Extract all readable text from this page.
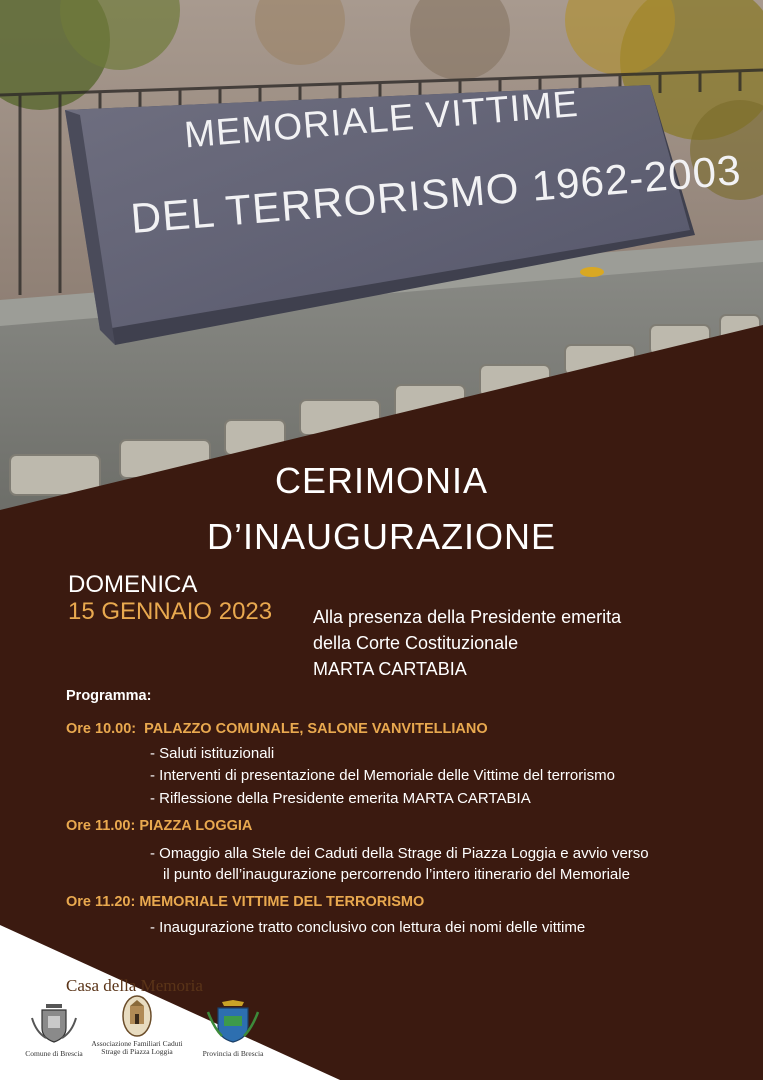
MEMORIALE VITTIME
DEL TERRORISMO 1962-2003
CERIMONIA
D’INAUGURAZIONE
DOMENICA
15 GENNAIO 2023 Alla presenza della Presidente emerita
della Corte Costituzionale
MARTA CARTABIA
Programma:
Ore 10.00:  PALAZZO COMUNALE, SALONE VANVITELLIANO
- Saluti istituzionali
- Interventi di presentazione del Memoriale delle Vittime del terrorismo
- Riflessione della Presidente emerita MARTA CARTABIA
Ore 11.00: PIAZZA LOGGIA
- Omaggio alla Stele dei Caduti della Strage di Piazza Loggia e avvio verso
il punto dell’inaugurazione percorrendo l’intero itinerario del Memoriale
Ore 11.20: MEMORIALE VITTIME DEL TERRORISMO
- Inaugurazione tratto conclusivo con lettura dei nomi delle vittime
Casa della Memoria
Comune di Brescia
Associazione Familiari Caduti
Strage di Piazza Loggia	Provincia di Brescia
